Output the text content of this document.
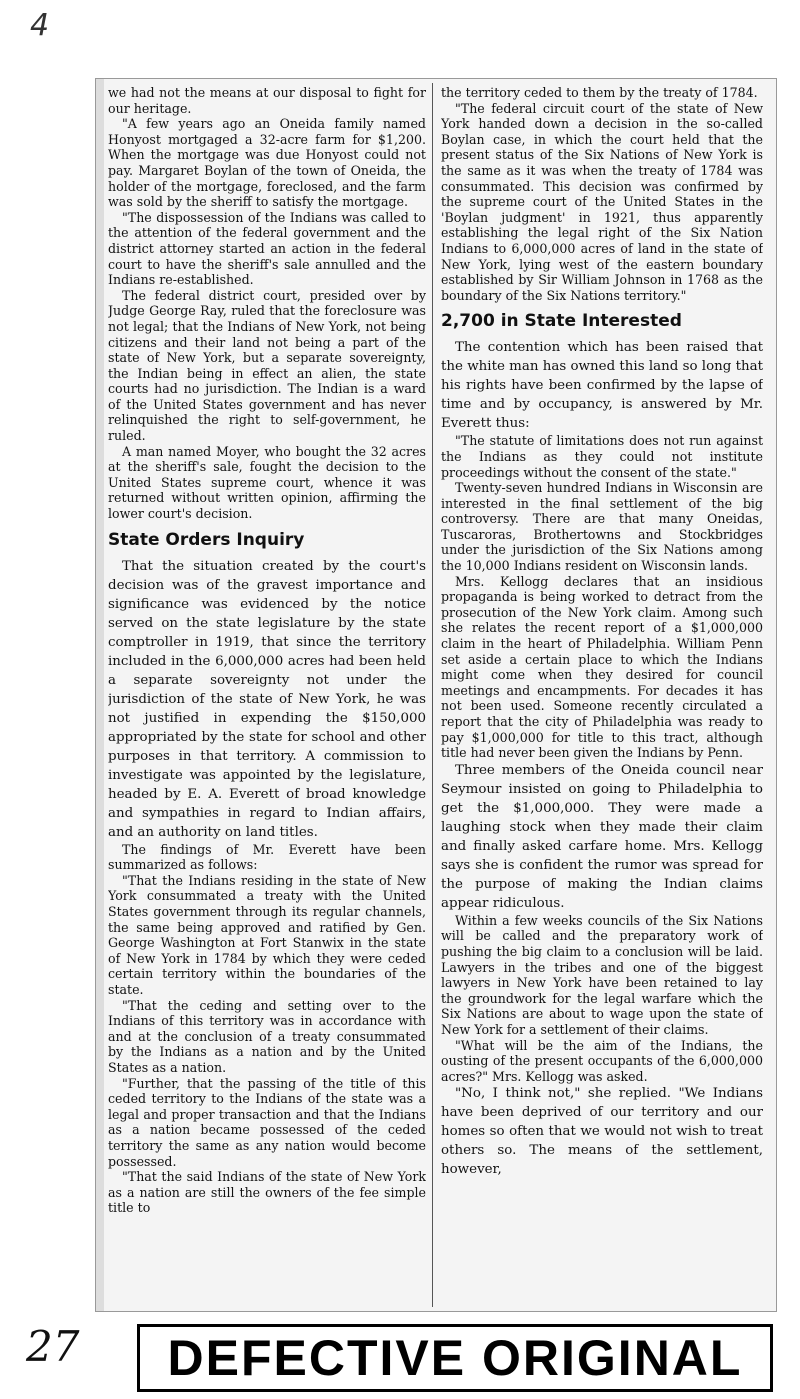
4

we had not the means at our disposal to fight for our heritage.

"A few years ago an Oneida family named Honyost mortgaged a 32-acre farm for $1,200. When the mortgage was due Honyost could not pay. Margaret Boylan of the town of Oneida, the holder of the mortgage, foreclosed, and the farm was sold by the sheriff to satisfy the mortgage.

"The dispossession of the Indians was called to the attention of the federal government and the district attorney started an action in the federal court to have the sheriff's sale annulled and the Indians re-established.

The federal district court, presided over by Judge George Ray, ruled that the foreclosure was not legal; that the Indians of New York, not being citizens and their land not being a part of the state of New York, but a separate sovereignty, the Indian being in effect an alien, the state courts had no jurisdiction. The Indian is a ward of the United States government and has never relinquished the right to self-government, he ruled.

A man named Moyer, who bought the 32 acres at the sheriff's sale, fought the decision to the United States supreme court, whence it was returned without written opinion, affirming the lower court's decision.

State Orders Inquiry

That the situation created by the court's decision was of the gravest importance and significance was evidenced by the notice served on the state legislature by the state comptroller in 1919, that since the territory included in the 6,000,000 acres had been held a separate sovereignty not under the jurisdiction of the state of New York, he was not justified in expending the $150,000 appropriated by the state for school and other purposes in that territory. A commission to investigate was appointed by the legislature, headed by E. A. Everett of broad knowledge and sympathies in regard to Indian affairs, and an authority on land titles.

The findings of Mr. Everett have been summarized as follows:

"That the Indians residing in the state of New York consummated a treaty with the United States government through its regular channels, the same being approved and ratified by Gen. George Washington at Fort Stanwix in the state of New York in 1784 by which they were ceded certain territory within the boundaries of the state.

"That the ceding and setting over to the Indians of this territory was in accordance with and at the conclusion of a treaty consummated by the Indians as a nation and by the United States as a nation.

"Further, that the passing of the title of this ceded territory to the Indians of the state was a legal and proper transaction and that the Indians as a nation became possessed of the ceded territory the same as any nation would become possessed.

"That the said Indians of the state of New York as a nation are still the owners of the fee simple title to

the territory ceded to them by the treaty of 1784.

"The federal circuit court of the state of New York handed down a decision in the so-called Boylan case, in which the court held that the present status of the Six Nations of New York is the same as it was when the treaty of 1784 was consummated. This decision was confirmed by the supreme court of the United States in the 'Boylan judgment' in 1921, thus apparently establishing the legal right of the Six Nation Indians to 6,000,000 acres of land in the state of New York, lying west of the eastern boundary established by Sir William Johnson in 1768 as the boundary of the Six Nations territory."

2,700 in State Interested

The contention which has been raised that the white man has owned this land so long that his rights have been confirmed by the lapse of time and by occupancy, is answered by Mr. Everett thus:

"The statute of limitations does not run against the Indians as they could not institute proceedings without the consent of the state."

Twenty-seven hundred Indians in Wisconsin are interested in the final settlement of the big controversy. There are that many Oneidas, Tuscaroras, Brothertowns and Stockbridges under the jurisdiction of the Six Nations among the 10,000 Indians resident on Wisconsin lands.

Mrs. Kellogg declares that an insidious propaganda is being worked to detract from the prosecution of the New York claim. Among such she relates the recent report of a $1,000,000 claim in the heart of Philadelphia. William Penn set aside a certain place to which the Indians might come when they desired for council meetings and encampments. For decades it has not been used. Someone recently circulated a report that the city of Philadelphia was ready to pay $1,000,000 for title to this tract, although title had never been given the Indians by Penn.

Three members of the Oneida council near Seymour insisted on going to Philadelphia to get the $1,000,000. They were made a laughing stock when they made their claim and finally asked carfare home. Mrs. Kellogg says she is confident the rumor was spread for the purpose of making the Indian claims appear ridiculous.

Within a few weeks councils of the Six Nations will be called and the preparatory work of pushing the big claim to a conclusion will be laid. Lawyers in the tribes and one of the biggest lawyers in New York have been retained to lay the groundwork for the legal warfare which the Six Nations are about to wage upon the state of New York for a settlement of their claims.

"What will be the aim of the Indians, the ousting of the present occupants of the 6,000,000 acres?" Mrs. Kellogg was asked.

"No, I think not," she replied. "We Indians have been deprived of our territory and our homes so often that we would not wish to treat others so. The means of the settlement, however,

27 DEFECTIVE ORIGINAL
